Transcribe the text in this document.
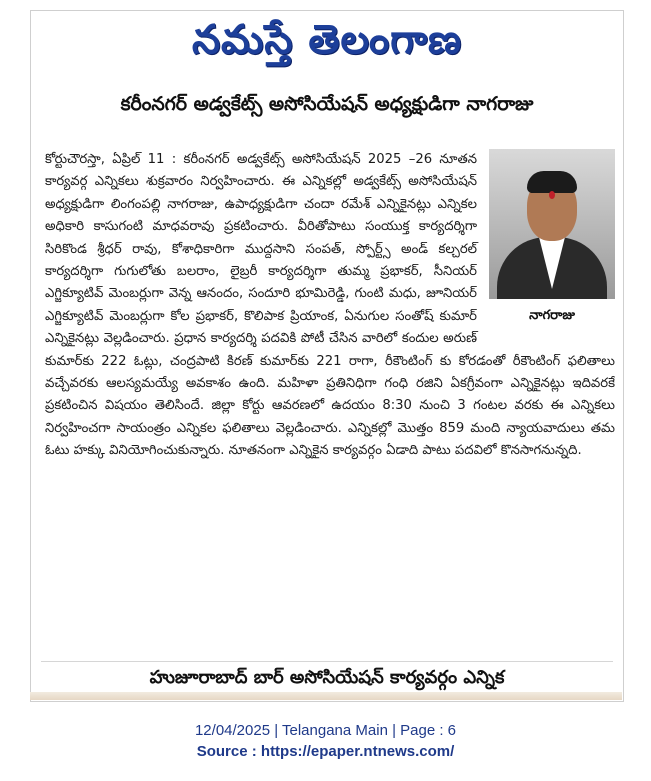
నమస్తే తెలంగాణ
కరీంనగర్ అడ్వకేట్స్ అసోసియేషన్ అధ్యక్షుడిగా నాగరాజు
నాగరాజు
కోర్టుచౌరస్తా, ఏప్రిల్ 11 : కరీంనగర్ అడ్వకేట్స్ అసోసియేషన్ 2025 –26 నూతన కార్యవర్గ ఎన్నికలు శుక్రవారం నిర్వహించారు. ఈ ఎన్నికల్లో అడ్వకేట్స్ అసోసియేషన్ అధ్యక్షుడిగా లింగంపల్లి నాగరాజు, ఉపాధ్యక్షుడిగా చందా రమేశ్ ఎన్నికైనట్లు ఎన్నికల అధికారి కాసుగంటి మాధవరావు ప్రకటించారు. వీరితోపాటు సంయుక్త కార్యదర్శిగా సిరికొండ శ్రీధర్ రావు, కోశాధికారిగా ముద్దసాని సంపత్, స్పోర్ట్స్ అండ్ కల్చరల్ కార్యదర్శిగా గుగులోతు బలరాం, లైబ్రరీ కార్యదర్శిగా తుమ్మ ప్రభాకర్, సీనియర్ ఎగ్జిక్యూటివ్ మెంబర్లుగా వెన్న ఆనందం, సందూరి భూమిరెడ్డి, గుంటి మధు, జూనియర్ ఎగ్జిక్యూటివ్ మెంబర్లుగా కోల ప్రభాకర్, కొలిపాక ప్రియాంక, ఏనుగుల సంతోష్ కుమార్ ఎన్నికైనట్లు వెల్లడించారు. ప్రధాన కార్యదర్శి పదవికి పోటీ చేసిన వారిలో కందుల అరుణ్ కుమార్‌కు 222 ఓట్లు, చంద్రపాటి కిరణ్ కుమార్‌కు 221 రాగా, రీకౌంటింగ్ కు కోరడంతో రీకౌంటింగ్ ఫలితాలు వచ్చేవరకు ఆలస్యమయ్యే అవకాశం ఉంది. మహిళా ప్రతినిధిగా గంధి రజిని ఏకగ్రీవంగా ఎన్నికైనట్లు ఇదివరకే ప్రకటించిన విషయం తెలిసిందే. జిల్లా కోర్టు ఆవరణలో ఉదయం 8:30 నుంచి 3 గంటల వరకు ఈ ఎన్నికలు నిర్వహించగా సాయంత్రం ఎన్నికల ఫలితాలు వెల్లడించారు. ఎన్నికల్లో మొత్తం 859 మంది న్యాయవాదులు తమ ఓటు హక్కు వినియోగించుకున్నారు. నూతనంగా ఎన్నికైన కార్యవర్గం ఏడాది పాటు పదవిలో కొనసాగనున్నది.
హుజూరాబాద్ బార్ అసోసియేషన్ కార్యవర్గం ఎన్నిక
12/04/2025 | Telangana Main | Page : 6
Source : https://epaper.ntnews.com/
